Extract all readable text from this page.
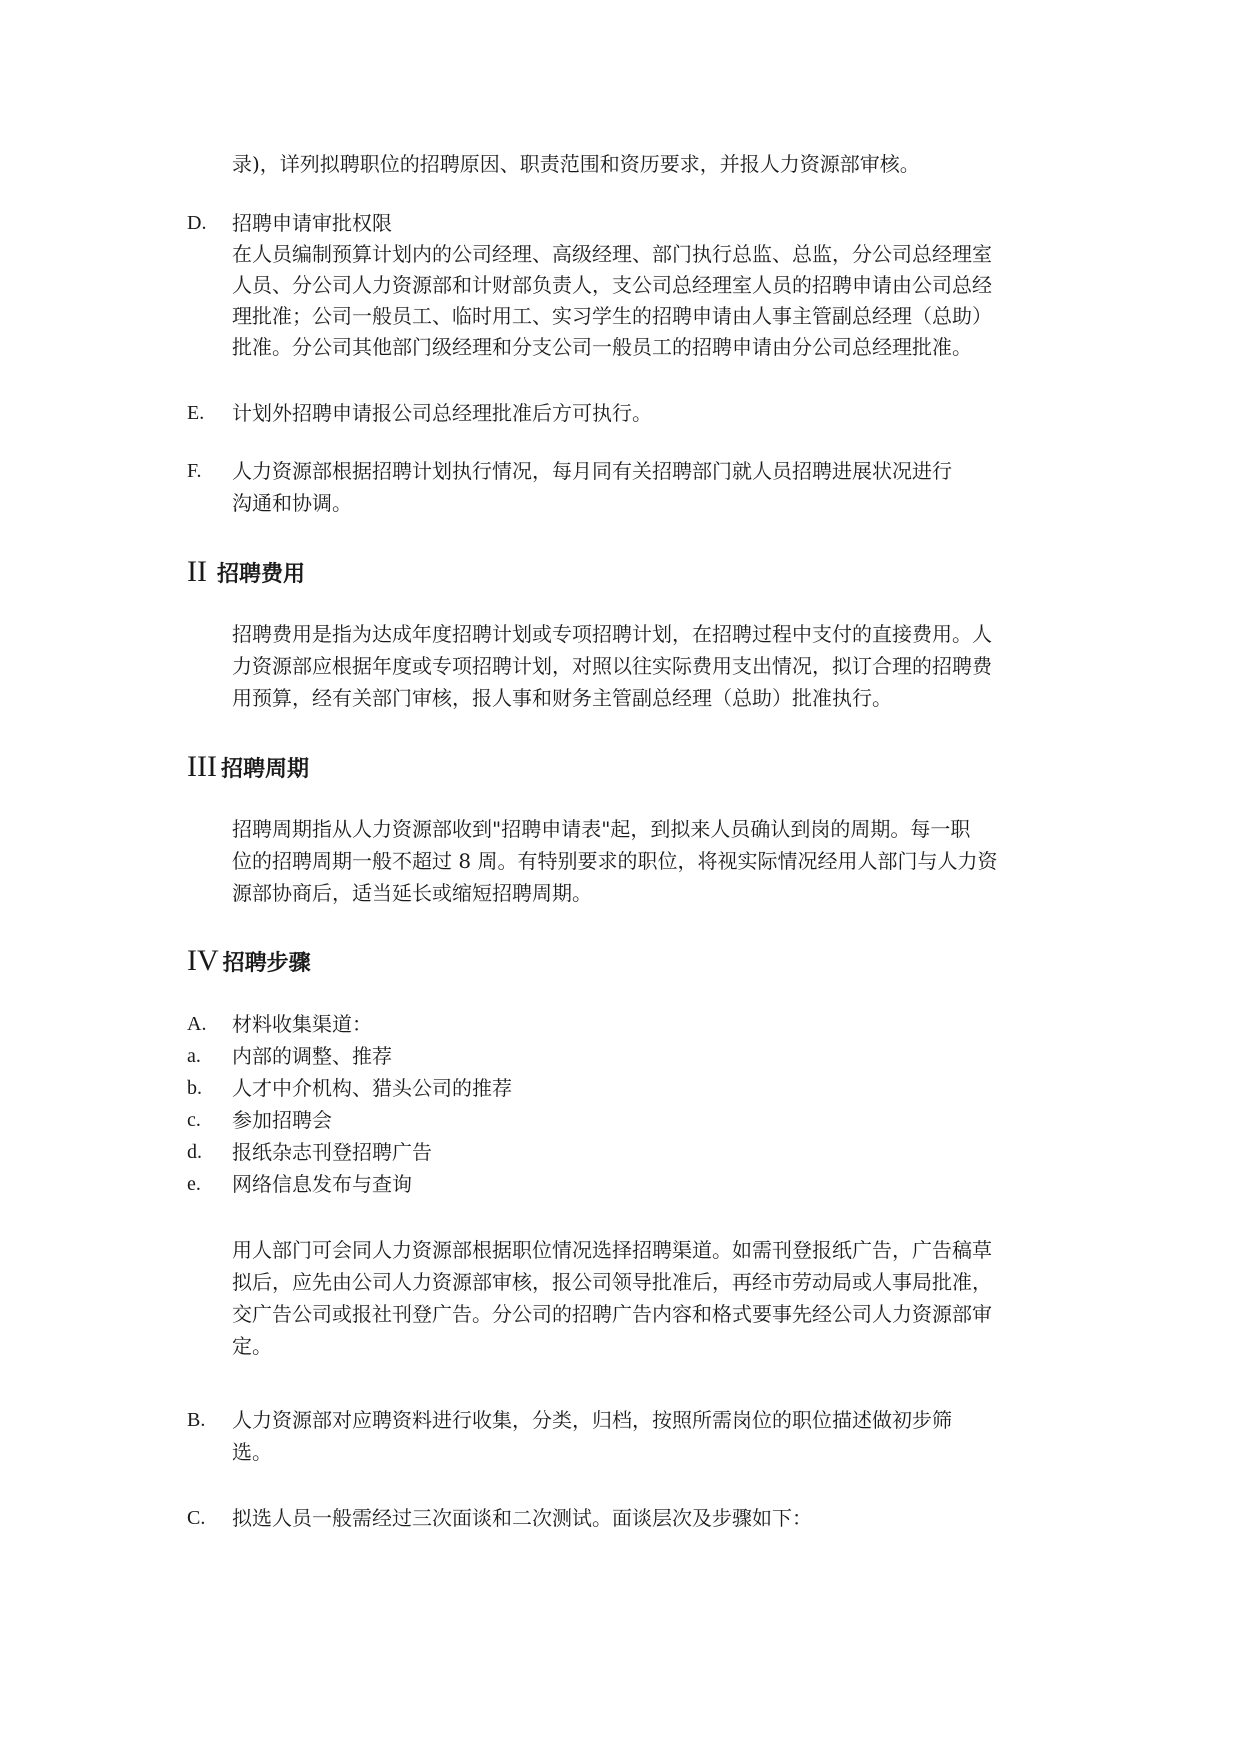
录)，详列拟聘职位的招聘原因、职责范围和资历要求，并报人力资源部审核。
D. 招聘申请审批权限
在人员编制预算计划内的公司经理、高级经理、部门执行总监、总监，分公司总经理室
人员、分公司人力资源部和计财部负责人，支公司总经理室人员的招聘申请由公司总经
理批准；公司一般员工、临时用工、实习学生的招聘申请由人事主管副总经理（总助）
批准。分公司其他部门级经理和分支公司一般员工的招聘申请由分公司总经理批准。
E. 计划外招聘申请报公司总经理批准后方可执行。
F. 人力资源部根据招聘计划执行情况，每月同有关招聘部门就人员招聘进展状况进行
沟通和协调。
II 招聘费用
招聘费用是指为达成年度招聘计划或专项招聘计划，在招聘过程中支付的直接费用。人
力资源部应根据年度或专项招聘计划，对照以往实际费用支出情况，拟订合理的招聘费
用预算，经有关部门审核，报人事和财务主管副总经理（总助）批准执行。
III 招聘周期
招聘周期指从人力资源部收到"招聘申请表"起，到拟来人员确认到岗的周期。每一职
位的招聘周期一般不超过 8 周。有特别要求的职位，将视实际情况经用人部门与人力资
源部协商后，适当延长或缩短招聘周期。
IV 招聘步骤
A. 材料收集渠道：
a. 内部的调整、推荐
b. 人才中介机构、猎头公司的推荐
c. 参加招聘会
d. 报纸杂志刊登招聘广告
e. 网络信息发布与查询
用人部门可会同人力资源部根据职位情况选择招聘渠道。如需刊登报纸广告，广告稿草
拟后，应先由公司人力资源部审核，报公司领导批准后，再经市劳动局或人事局批准，
交广告公司或报社刊登广告。分公司的招聘广告内容和格式要事先经公司人力资源部审
定。
B. 人力资源部对应聘资料进行收集，分类，归档，按照所需岗位的职位描述做初步筛
选。
C. 拟选人员一般需经过三次面谈和二次测试。面谈层次及步骤如下：
